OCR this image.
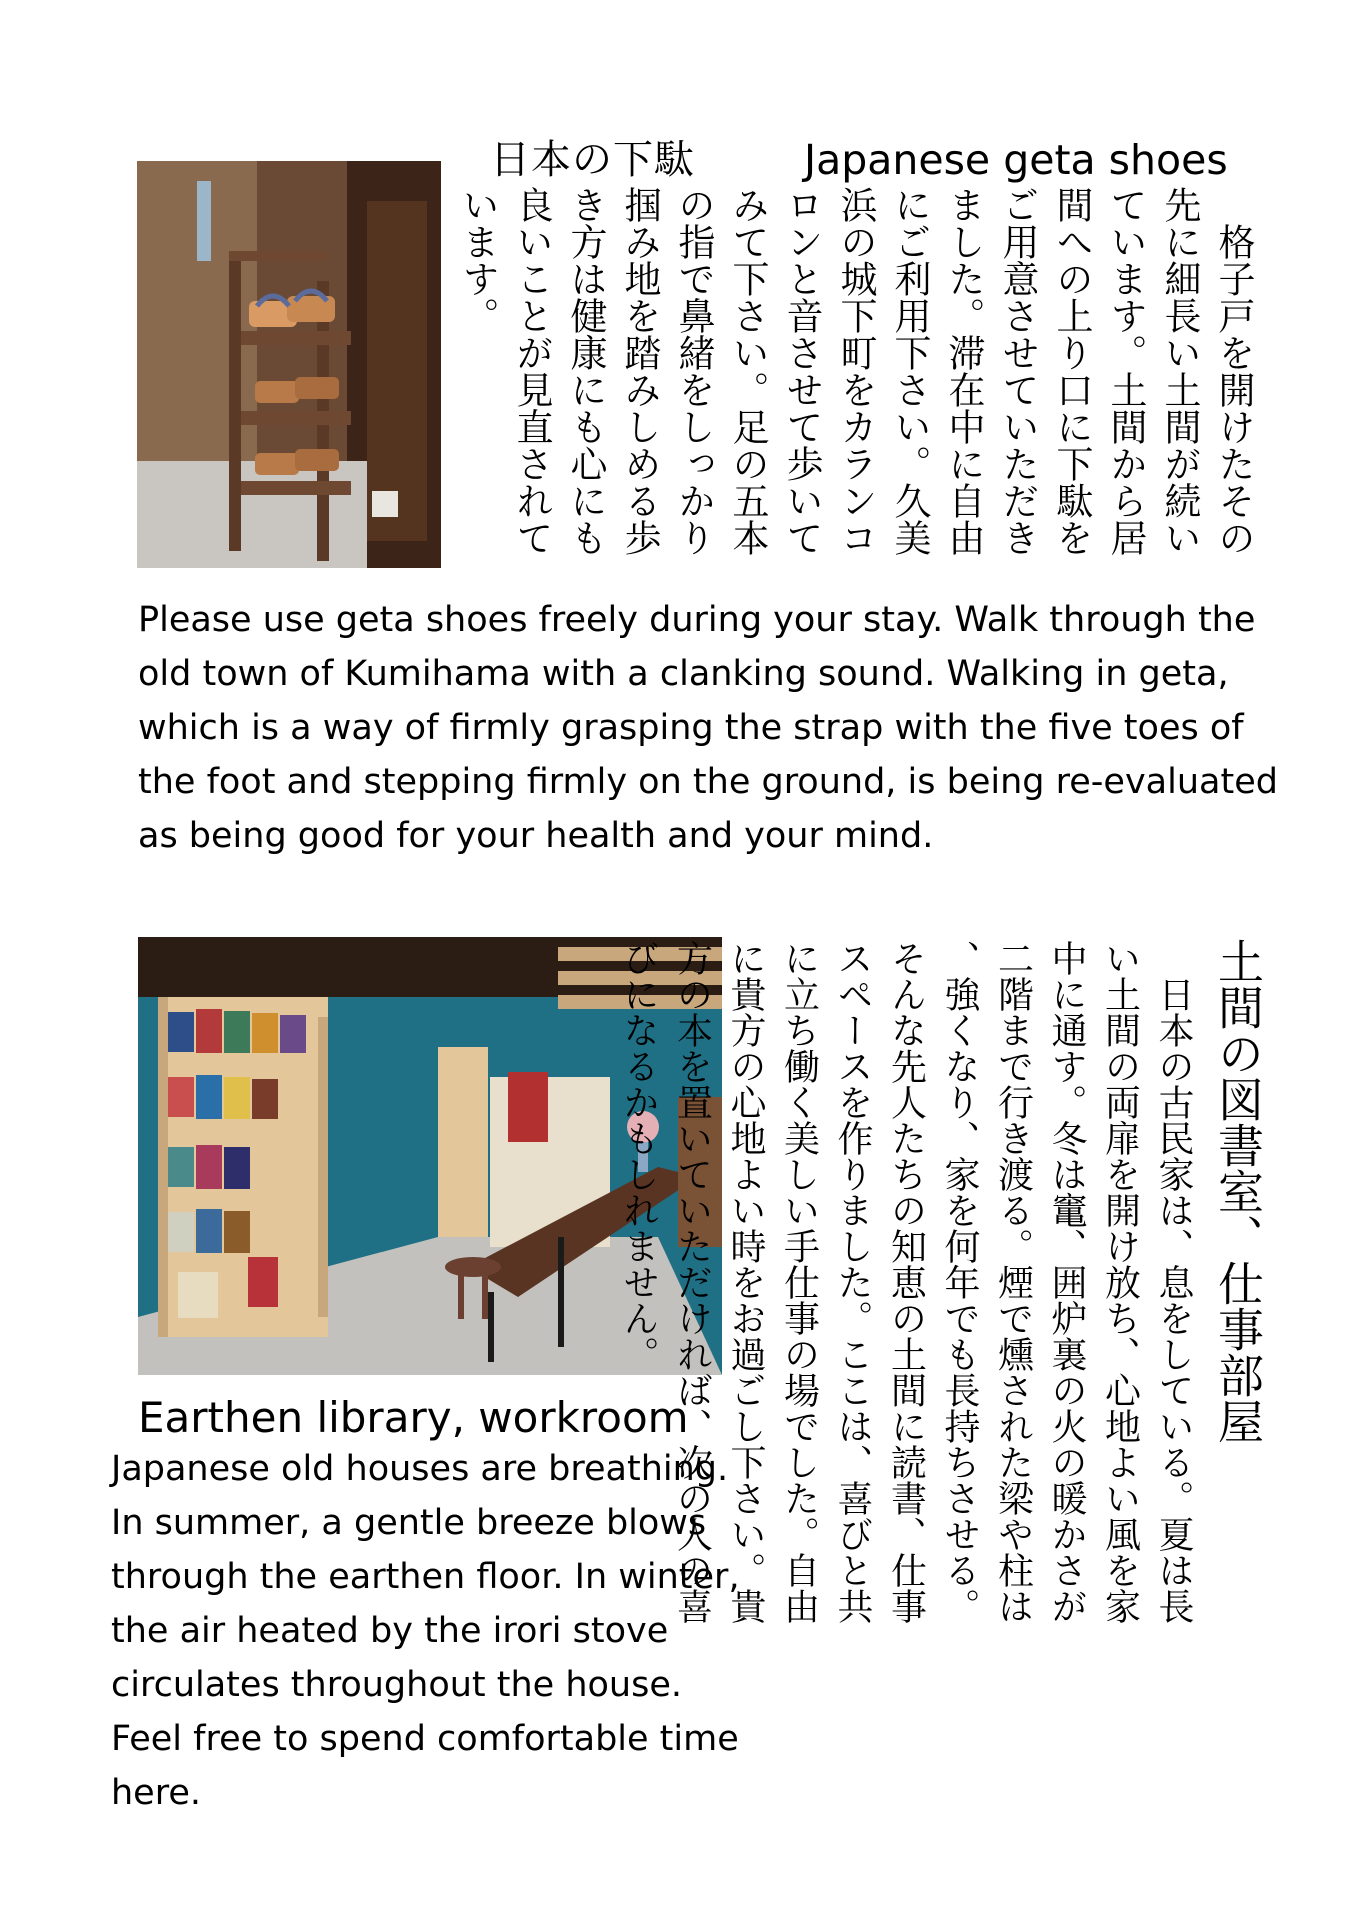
日本の下駄	Japanese geta shoes
　格子戸を開けたその先に細長い土間が続いています。土間から居間への上り口に下駄をご用意させていただきました。滞在中に自由にご利用下さい。久美浜の城下町をカランコロンと音させて歩いてみて下さい。足の五本の指で鼻緒をしっかり掴み地を踏みしめる歩き方は健康にも心にも良いことが見直されています。
Please use geta shoes freely during your stay. Walk through the old town of Kumihama with a clanking sound. Walking in geta, which is a way of firmly grasping the strap with the five toes of the foot and stepping firmly on the ground, is being re-evaluated as being good for your health and your mind.
Earthen library, workroom
Japanese old houses are breathing.
In summer, a gentle breeze blows
through the earthen floor. In winter,
the air heated by the irori stove
circulates throughout the house.
Feel free to spend comfortable time
here.
土間の図書室、仕事部屋
　日本の古民家は、息をしている。夏は長い土間の両扉を開け放ち、心地よい風を家中に通す。冬は竃、囲炉裏の火の暖かさが二階まで行き渡る。煙で燻された梁や柱は、強くなり、家を何年でも長持ちさせる。そんな先人たちの知恵の土間に読書、仕事スペースを作りました。ここは、喜びと共に立ち働く美しい手仕事の場でした。自由に貴方の心地よい時をお過ごし下さい。貴方の本を置いていただければ、次の人の喜びになるかもしれません。
